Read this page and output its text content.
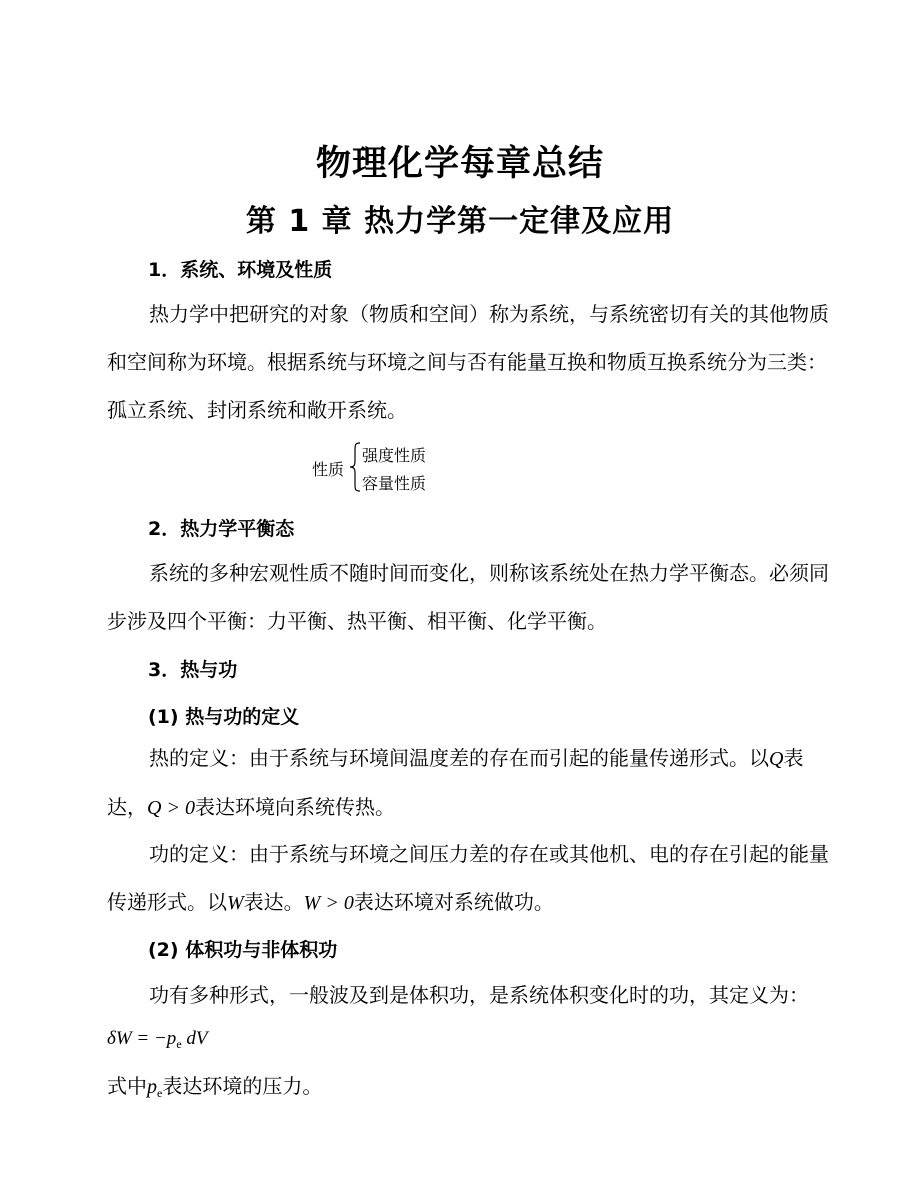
物理化学每章总结
第 1 章 热力学第一定律及应用
1．系统、环境及性质
热力学中把研究的对象（物质和空间）称为系统，与系统密切有关的其他物质和空间称为环境。根据系统与环境之间与否有能量互换和物质互换系统分为三类：孤立系统、封闭系统和敞开系统。
性质
强度性质
容量性质
2．热力学平衡态
系统的多种宏观性质不随时间而变化，则称该系统处在热力学平衡态。必须同步涉及四个平衡：力平衡、热平衡、相平衡、化学平衡。
3．热与功
(1) 热与功的定义
热的定义：由于系统与环境间温度差的存在而引起的能量传递形式。以Q表达，Q > 0表达环境向系统传热。
功的定义：由于系统与环境之间压力差的存在或其他机、电的存在引起的能量传递形式。以W表达。W > 0表达环境对系统做功。
(2) 体积功与非体积功
功有多种形式，一般波及到是体积功，是系统体积变化时的功，其定义为：
$\delta W = -p_e$ dV
式中$p_e$表达环境的压力。
